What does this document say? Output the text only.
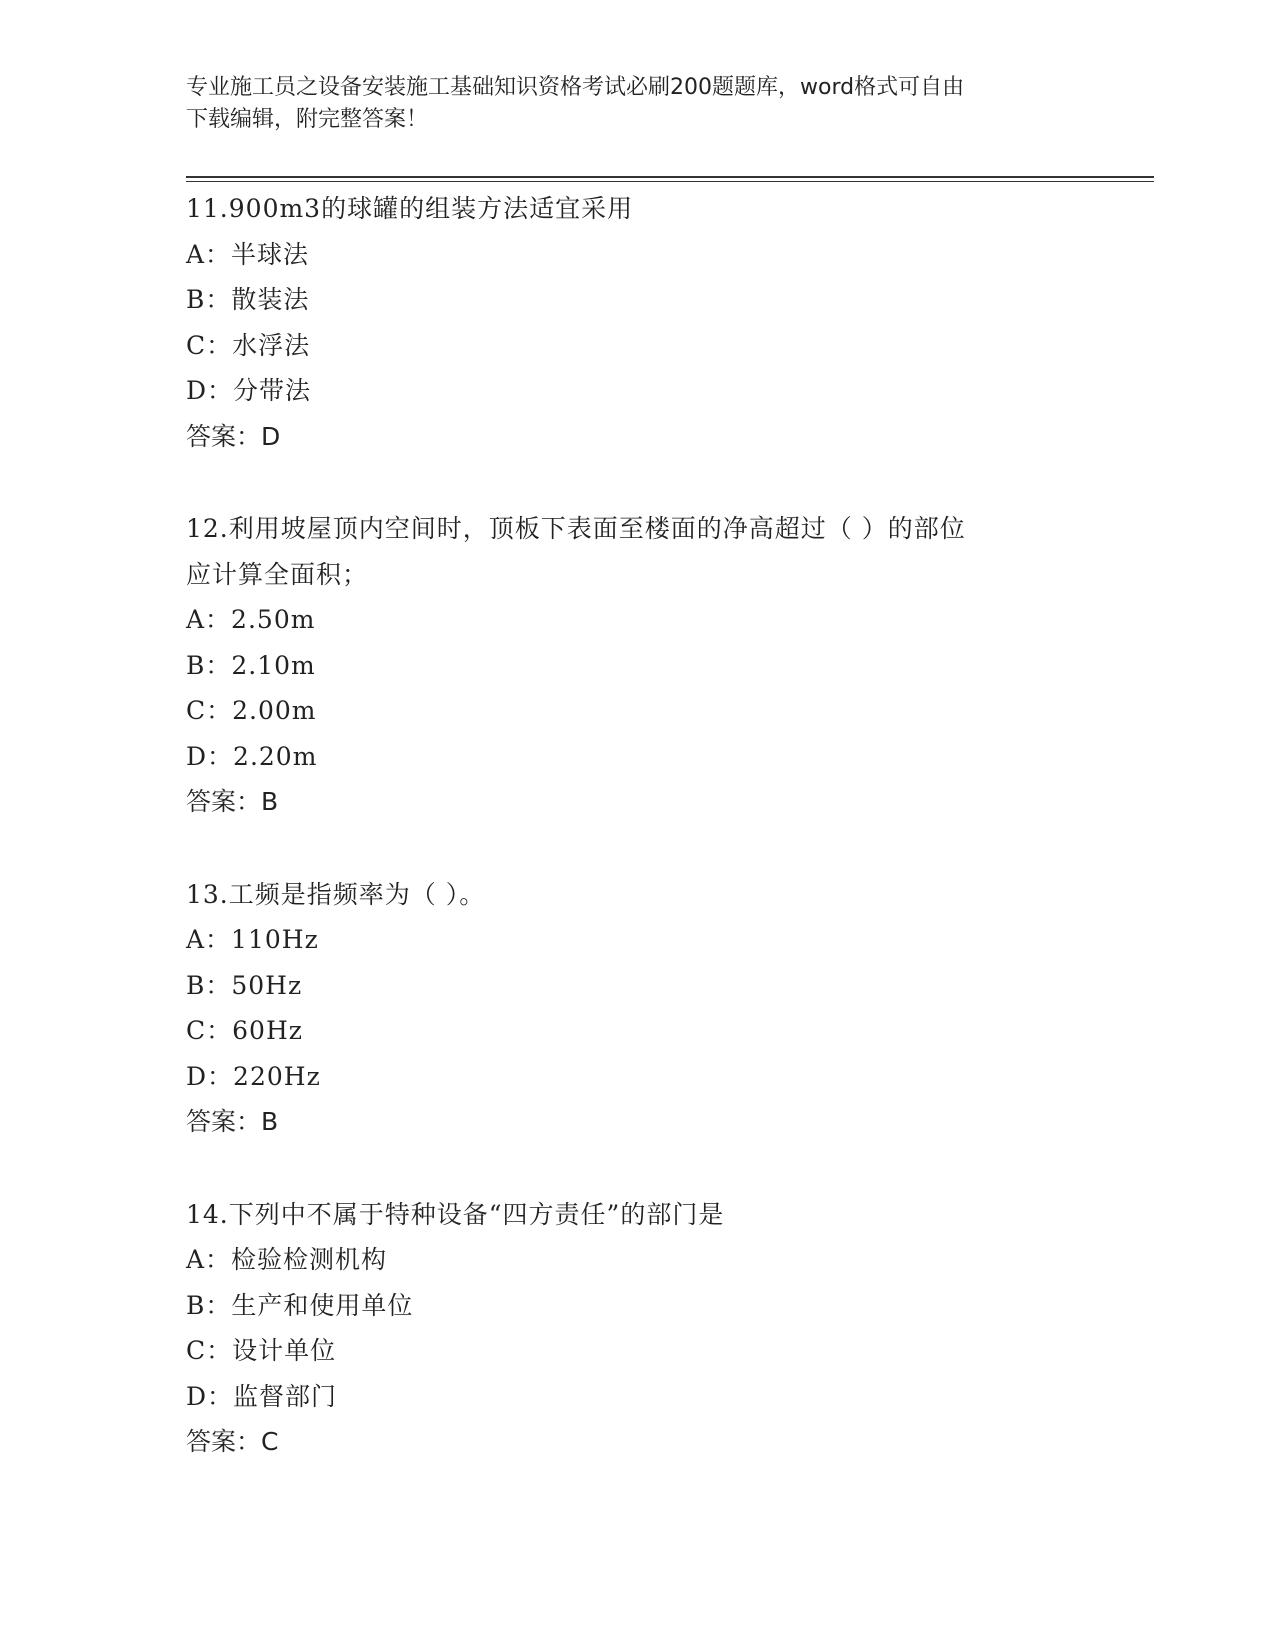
专业施工员之设备安装施工基础知识资格考试必刷200题题库，word格式可自由
下载编辑，附完整答案！
11.900m3的球罐的组装方法适宜采用
A：半球法
B：散装法
C：水浮法
D：分带法
答案：D
12.利用坡屋顶内空间时，顶板下表面至楼面的净高超过（ ）的部位
应计算全面积；
A：2.50m
B：2.10m
C：2.00m
D：2.20m
答案：B
13.工频是指频率为（ ）。
A：110Hz
B：50Hz
C：60Hz
D：220Hz
答案：B
14.下列中不属于特种设备“四方责任”的部门是
A：检验检测机构
B：生产和使用单位
C：设计单位
D：监督部门
答案：C
